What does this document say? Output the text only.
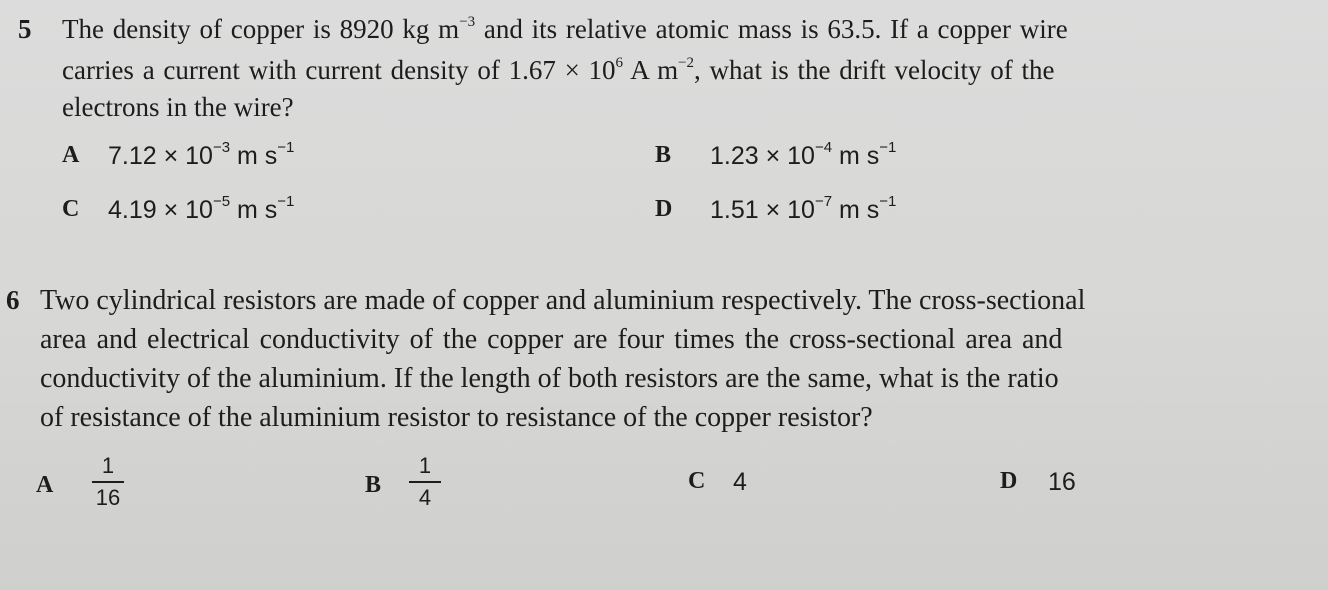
5 The density of copper is 8920 kg $m^{-3}$ and its relative atomic mass is 63.5. If a copper wire
carries a current with current density of $1.67 \times 10^6$ A $m^{-2}$, what is the drift velocity of the
electrons in the wire?
A $7.12 \times 10^{-3}$ m $s^{-1}$	B $1.23 \times 10^{-4}$ m $s^{-1}$
C $4.19 \times 10^{-5}$ m $s^{-1}$	D $1.51 \times 10^{-7}$ m $s^{-1}$
6 Two cylindrical resistors are made of copper and aluminium respectively. The cross-sectional
area and electrical conductivity of the copper are four times the cross-sectional area and
conductivity of the aluminium. If the length of both resistors are the same, what is the ratio
of resistance of the aluminium resistor to resistance of the copper resistor?
A
1
16	B
1
4
C 4	D 16
